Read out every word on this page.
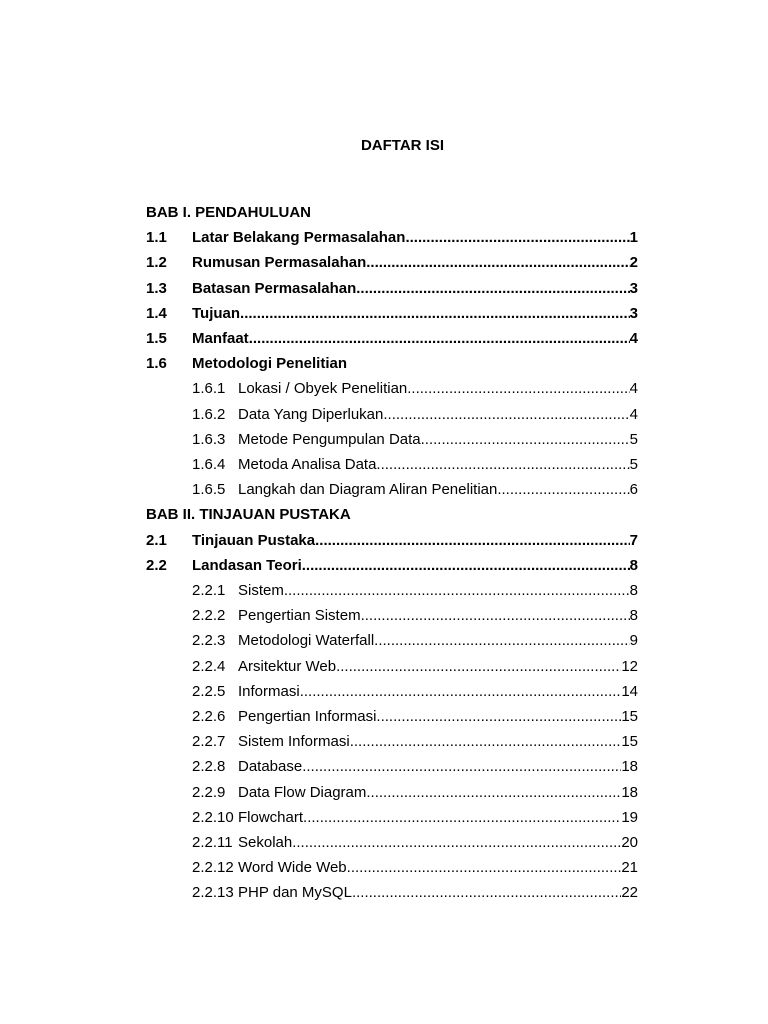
DAFTAR ISI
BAB I. PENDAHULUAN
1.1 Latar Belakang Permasalahan .....	1
1.2 Rumusan Permasalahan .....	2
1.3 Batasan Permasalahan .....	3
1.4 Tujuan .....	3
1.5 Manfaat .....	4
1.6 Metodologi Penelitian
1.6.1 Lokasi / Obyek Penelitian .....	4
1.6.2 Data Yang Diperlukan .....	4
1.6.3 Metode Pengumpulan Data .....	5
1.6.4 Metoda Analisa Data .....	5
1.6.5 Langkah dan Diagram Aliran Penelitian .....	6
BAB II. TINJAUAN PUSTAKA
2.1 Tinjauan Pustaka .....	7
2.2 Landasan Teori .....	8
2.2.1 Sistem .....	8
2.2.2 Pengertian Sistem .....	8
2.2.3 Metodologi Waterfall .....	9
2.2.4 Arsitektur Web .....	12
2.2.5 Informasi .....	14
2.2.6 Pengertian Informasi .....	15
2.2.7 Sistem Informasi .....	15
2.2.8 Database .....	18
2.2.9 Data Flow Diagram .....	18
2.2.10 Flowchart .....	19
2.2.11 Sekolah .....	20
2.2.12 Word Wide Web .....	21
2.2.13 PHP dan MySQL .....	22
